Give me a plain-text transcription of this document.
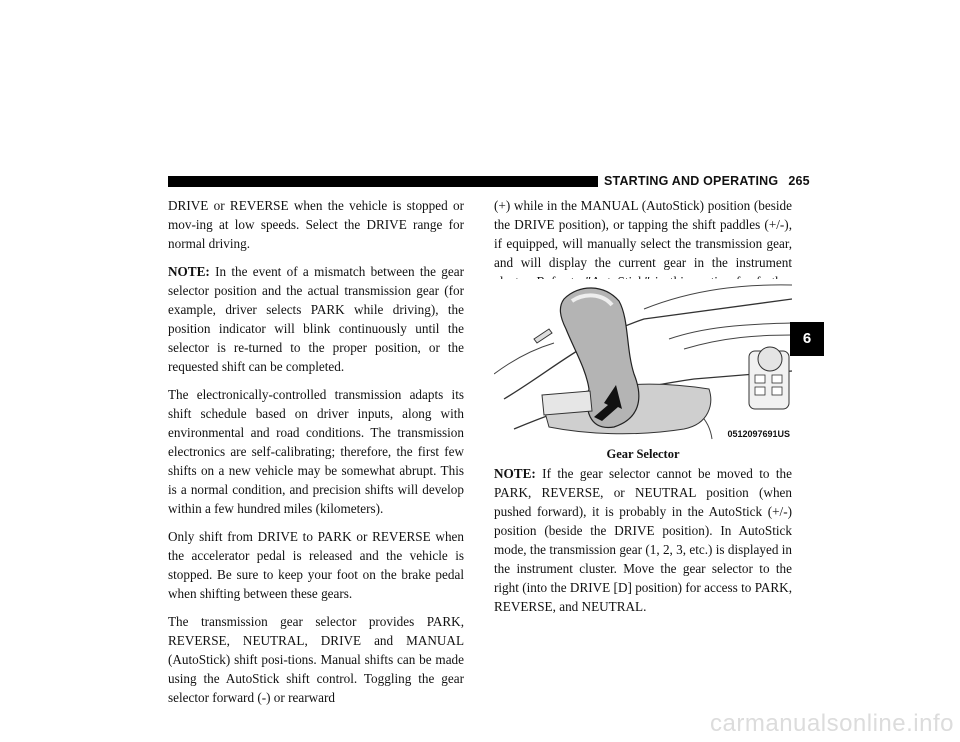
STARTING AND OPERATING 265

DRIVE or REVERSE when the vehicle is stopped or mov-ing at low speeds. Select the DRIVE range for normal driving.

NOTE: In the event of a mismatch between the gear selector position and the actual transmission gear (for example, driver selects PARK while driving), the position indicator will blink continuously until the selector is re-turned to the proper position, or the requested shift can be completed.

The electronically-controlled transmission adapts its shift schedule based on driver inputs, along with environmental and road conditions. The transmission electronics are self-calibrating; therefore, the first few shifts on a new vehicle may be somewhat abrupt. This is a normal condition, and precision shifts will develop within a few hundred miles (kilometers).

Only shift from DRIVE to PARK or REVERSE when the accelerator pedal is released and the vehicle is stopped. Be sure to keep your foot on the brake pedal when shifting between these gears.

The transmission gear selector provides PARK, REVERSE, NEUTRAL, DRIVE and MANUAL (AutoStick) shift posi-tions. Manual shifts can be made using the AutoStick shift control. Toggling the gear selector forward (-) or rearward

(+) while in the MANUAL (AutoStick) position (beside the DRIVE position), or tapping the shift paddles (+/-), if equipped, will manually select the transmission gear, and will display the current gear in the instrument

0512097691US
Gear Selector

NOTE: If the gear selector cannot be moved to the PARK, REVERSE, or NEUTRAL position (when pushed forward), it is probably in the AutoStick (+/-) position (beside the DRIVE position). In AutoStick mode, the transmission gear (1, 2, 3, etc.) is displayed in the instrument cluster. Move the gear selector to the right (into the DRIVE [D] position) for access to PARK, REVERSE, and NEUTRAL.

6
carmanualsonline.info
